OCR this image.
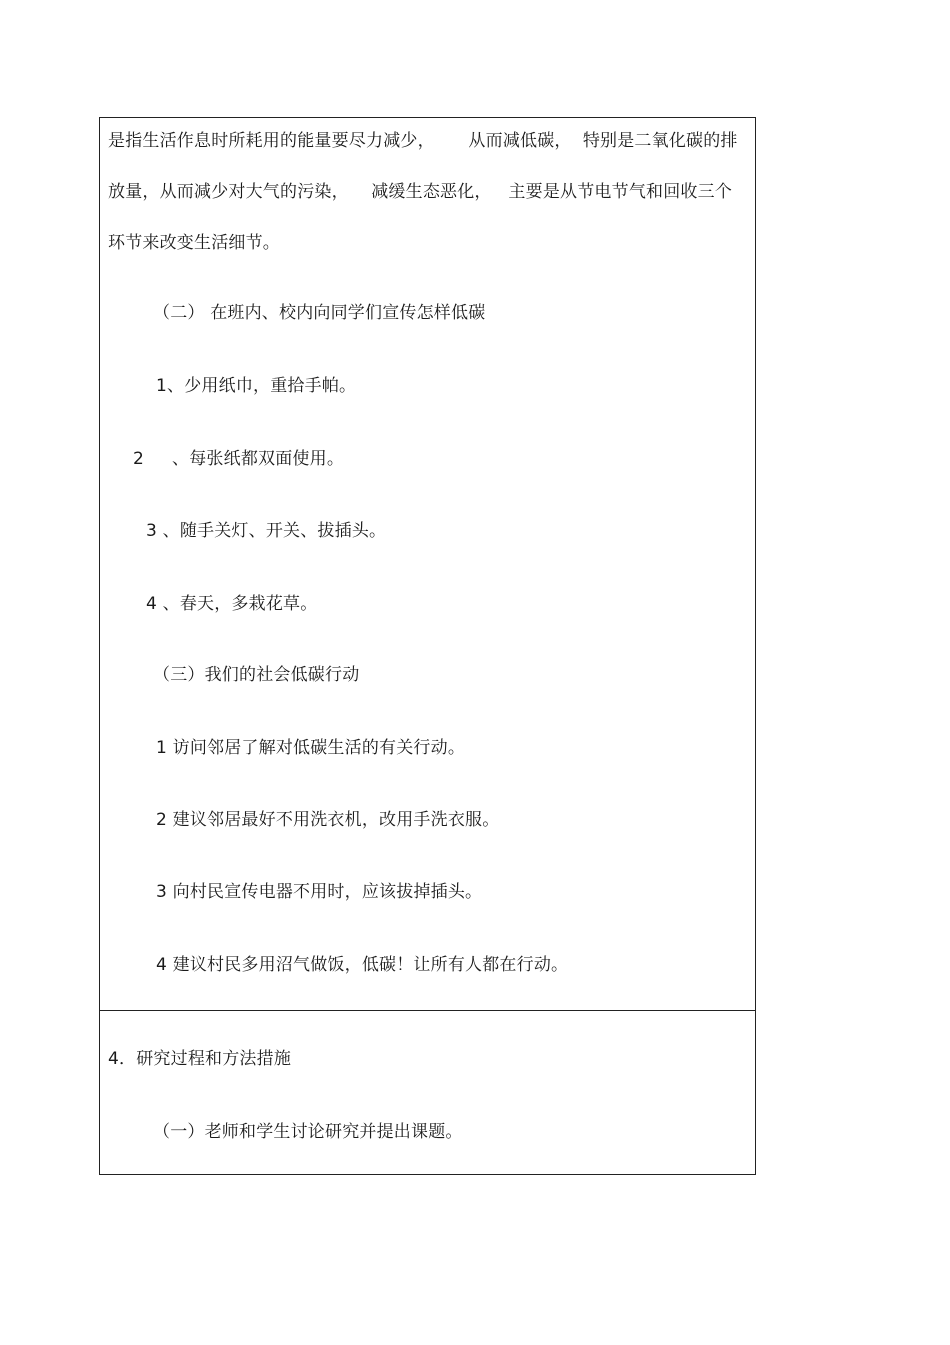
是指生活作息时所耗用的能量要尽力减少，      从而减低碳，  特别是二氧化碳的排
放量，从而减少对大气的污染，    减缓生态恶化，   主要是从节电节气和回收三个
环节来改变生活细节。
（二） 在班内、校内向同学们宣传怎样低碳
1、少用纸巾，重拾手帕。
2     、每张纸都双面使用。
3 、随手关灯、开关、拔插头。
4 、春天，多栽花草。
（三）我们的社会低碳行动
1 访问邻居了解对低碳生活的有关行动。
2 建议邻居最好不用洗衣机，改用手洗衣服。
3 向村民宣传电器不用时，应该拔掉插头。
4 建议村民多用沼气做饭，低碳！让所有人都在行动。
4．研究过程和方法措施
（一）老师和学生讨论研究并提出课题。
